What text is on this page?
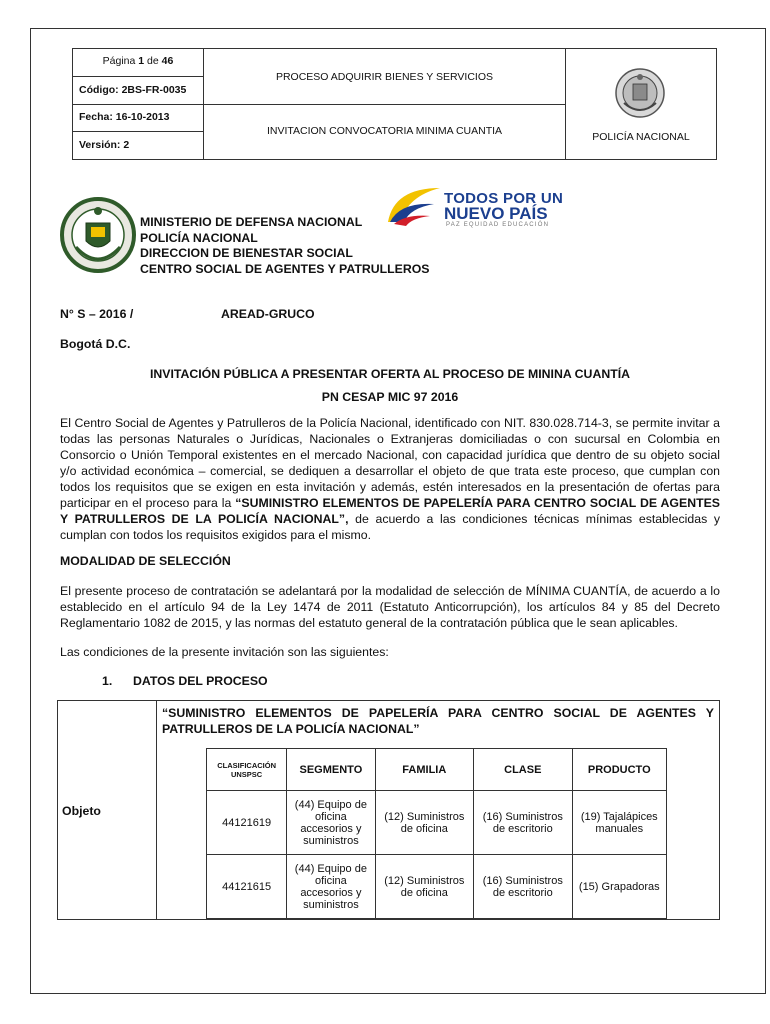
Página 1 de 46
Código: 2BS-FR-0035
Fecha: 16-10-2013
Versión: 2
PROCESO ADQUIRIR BIENES Y SERVICIOS
INVITACION CONVOCATORIA MINIMA CUANTIA	POLICÍA NACIONAL
MINISTERIO DE DEFENSA NACIONAL
POLICÍA NACIONAL
DIRECCION DE BIENESTAR SOCIAL
CENTRO SOCIAL DE AGENTES Y PATRULLEROS
TODOS POR UN
NUEVO PAÍS
PAZ EQUIDAD EDUCACIÓN
N° S – 2016 /	AREAD-GRUCO
Bogotá D.C.
INVITACIÓN PÚBLICA A PRESENTAR OFERTA AL PROCESO DE MININA CUANTÍA
PN CESAP MIC 97 2016
El Centro Social de Agentes y Patrulleros de la Policía Nacional, identificado con NIT. 830.028.714-3, se permite invitar a todas las personas Naturales o Jurídicas, Nacionales o Extranjeras domiciliadas o con sucursal en Colombia en Consorcio o Unión Temporal existentes en el mercado Nacional, con capacidad jurídica que dentro de su objeto social y/o actividad económica – comercial, se dediquen a desarrollar el objeto de que trata este proceso, que cumplan con todos los requisitos que se exigen en esta invitación y además, estén interesados en la presentación de ofertas para participar en el proceso para la “SUMINISTRO ELEMENTOS DE PAPELERÍA PARA CENTRO SOCIAL DE AGENTES Y PATRULLEROS DE LA POLICÍA NACIONAL”, de acuerdo a las condiciones técnicas mínimas establecidas y cumplan con todos los requisitos exigidos para el mismo.
MODALIDAD DE SELECCIÓN
El presente proceso de contratación se adelantará por la modalidad de selección de MÍNIMA CUANTÍA, de acuerdo a lo establecido en el artículo 94 de la Ley 1474 de 2011 (Estatuto Anticorrupción), los artículos 84 y 85 del Decreto Reglamentario 1082 de 2015, y las normas del estatuto general de la contratación pública que le sean aplicables.
Las condiciones de la presente invitación son las siguientes:
1. DATOS DEL PROCESO
Objeto
“SUMINISTRO ELEMENTOS DE PAPELERÍA PARA CENTRO SOCIAL DE AGENTES Y PATRULLEROS DE LA POLICÍA NACIONAL”
CLASIFICACIÓN UNSPSC	SEGMENTO	FAMILIA	CLASE	PRODUCTO
44121619	(44) Equipo de oficina accesorios y suministros	(12) Suministros de oficina	(16) Suministros de escritorio	(19) Tajalápices manuales
44121615	(44) Equipo de oficina accesorios y suministros	(12) Suministros de oficina	(16) Suministros de escritorio	(15) Grapadoras
